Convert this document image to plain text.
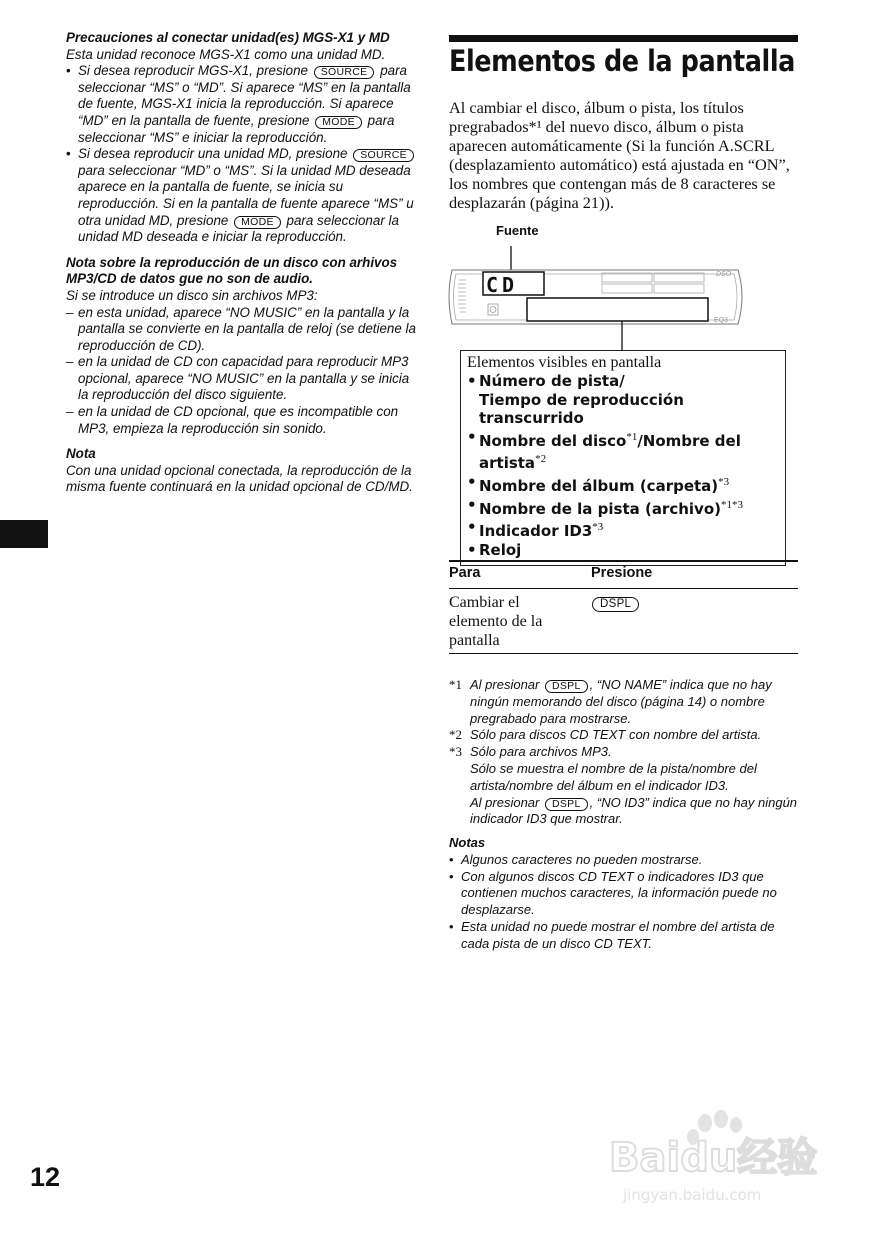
Precauciones al conectar unidad(es) MGS-X1 y MD

Esta unidad reconoce MGS-X1 como una unidad MD.

• Si desea reproducir MGS-X1, presione SOURCE para seleccionar “MS” o “MD”. Si aparece “MS” en la pantalla de fuente, MGS-X1 inicia la reproducción. Si aparece “MD” en la pantalla de fuente, presione MODE para seleccionar “MS” e iniciar la reproducción.
• Si desea reproducir una unidad MD, presione SOURCE para seleccionar “MD” o “MS”. Si la unidad MD deseada aparece en la pantalla de fuente, se inicia su reproducción. Si en la pantalla de fuente aparece “MS” u otra unidad MD, presione MODE para seleccionar la unidad MD deseada e iniciar la reproducción.

Nota sobre la reproducción de un disco con arhivos MP3/CD de datos gue no son de audio.

Si se introduce un disco sin archivos MP3:

– en esta unidad, aparece “NO MUSIC” en la pantalla y la pantalla se convierte en la pantalla de reloj (se detiene la reproducción de CD).
– en la unidad de CD con capacidad para reproducir MP3 opcional, aparece “NO MUSIC” en la pantalla y se inicia la reproducción del disco siguiente.
– en la unidad de CD opcional, que es incompatible con MP3, empieza la reproducción sin sonido.

Nota

Con una unidad opcional conectada, la reproducción de la misma fuente continuará en la unidad opcional de CD/MD.

12
Elementos de la pantalla
Al cambiar el disco, álbum o pista, los títulos pregrabados*¹ del nuevo disco, álbum o pista aparecen automáticamente (Si la función A.SCRL (desplazamiento automático) está ajustada en “ON”, los nombres que contengan más de 8 caracteres se desplazarán (página 21)).
Fuente
CD	DSO
EQ3
Elementos visibles en pantalla
• Número de pista/
Tiempo de reproducción transcurrido
• Nombre del disco$^{*1}$/Nombre del artista$^{*2}$
• Nombre del álbum (carpeta)$^{*3}$
• Nombre de la pista (archivo)$^{*1*3}$
• Indicador ID3$^{*3}$
• Reloj
Para	Presione
Cambiar el elemento de la pantalla
DSPL
*1 Al presionar DSPL , “NO NAME” indica que no hay ningún memorando del disco (página 14) o nombre pregrabado para mostrarse.
*2 Sólo para discos CD TEXT con nombre del artista.
*3 Sólo para archivos MP3.
Sólo se muestra el nombre de la pista/nombre del artista/nombre del álbum en el indicador ID3.
Al presionar DSPL , “NO ID3” indica que no hay ningún indicador ID3 que mostrar.
Notas
• Algunos caracteres no pueden mostrarse.
• Con algunos discos CD TEXT o indicadores ID3 que contienen muchos caracteres, la información puede no desplazarse.
• Esta unidad no puede mostrar el nombre del artista de cada pista de un disco CD TEXT.
Baidu经验
jingyan.baidu.com
